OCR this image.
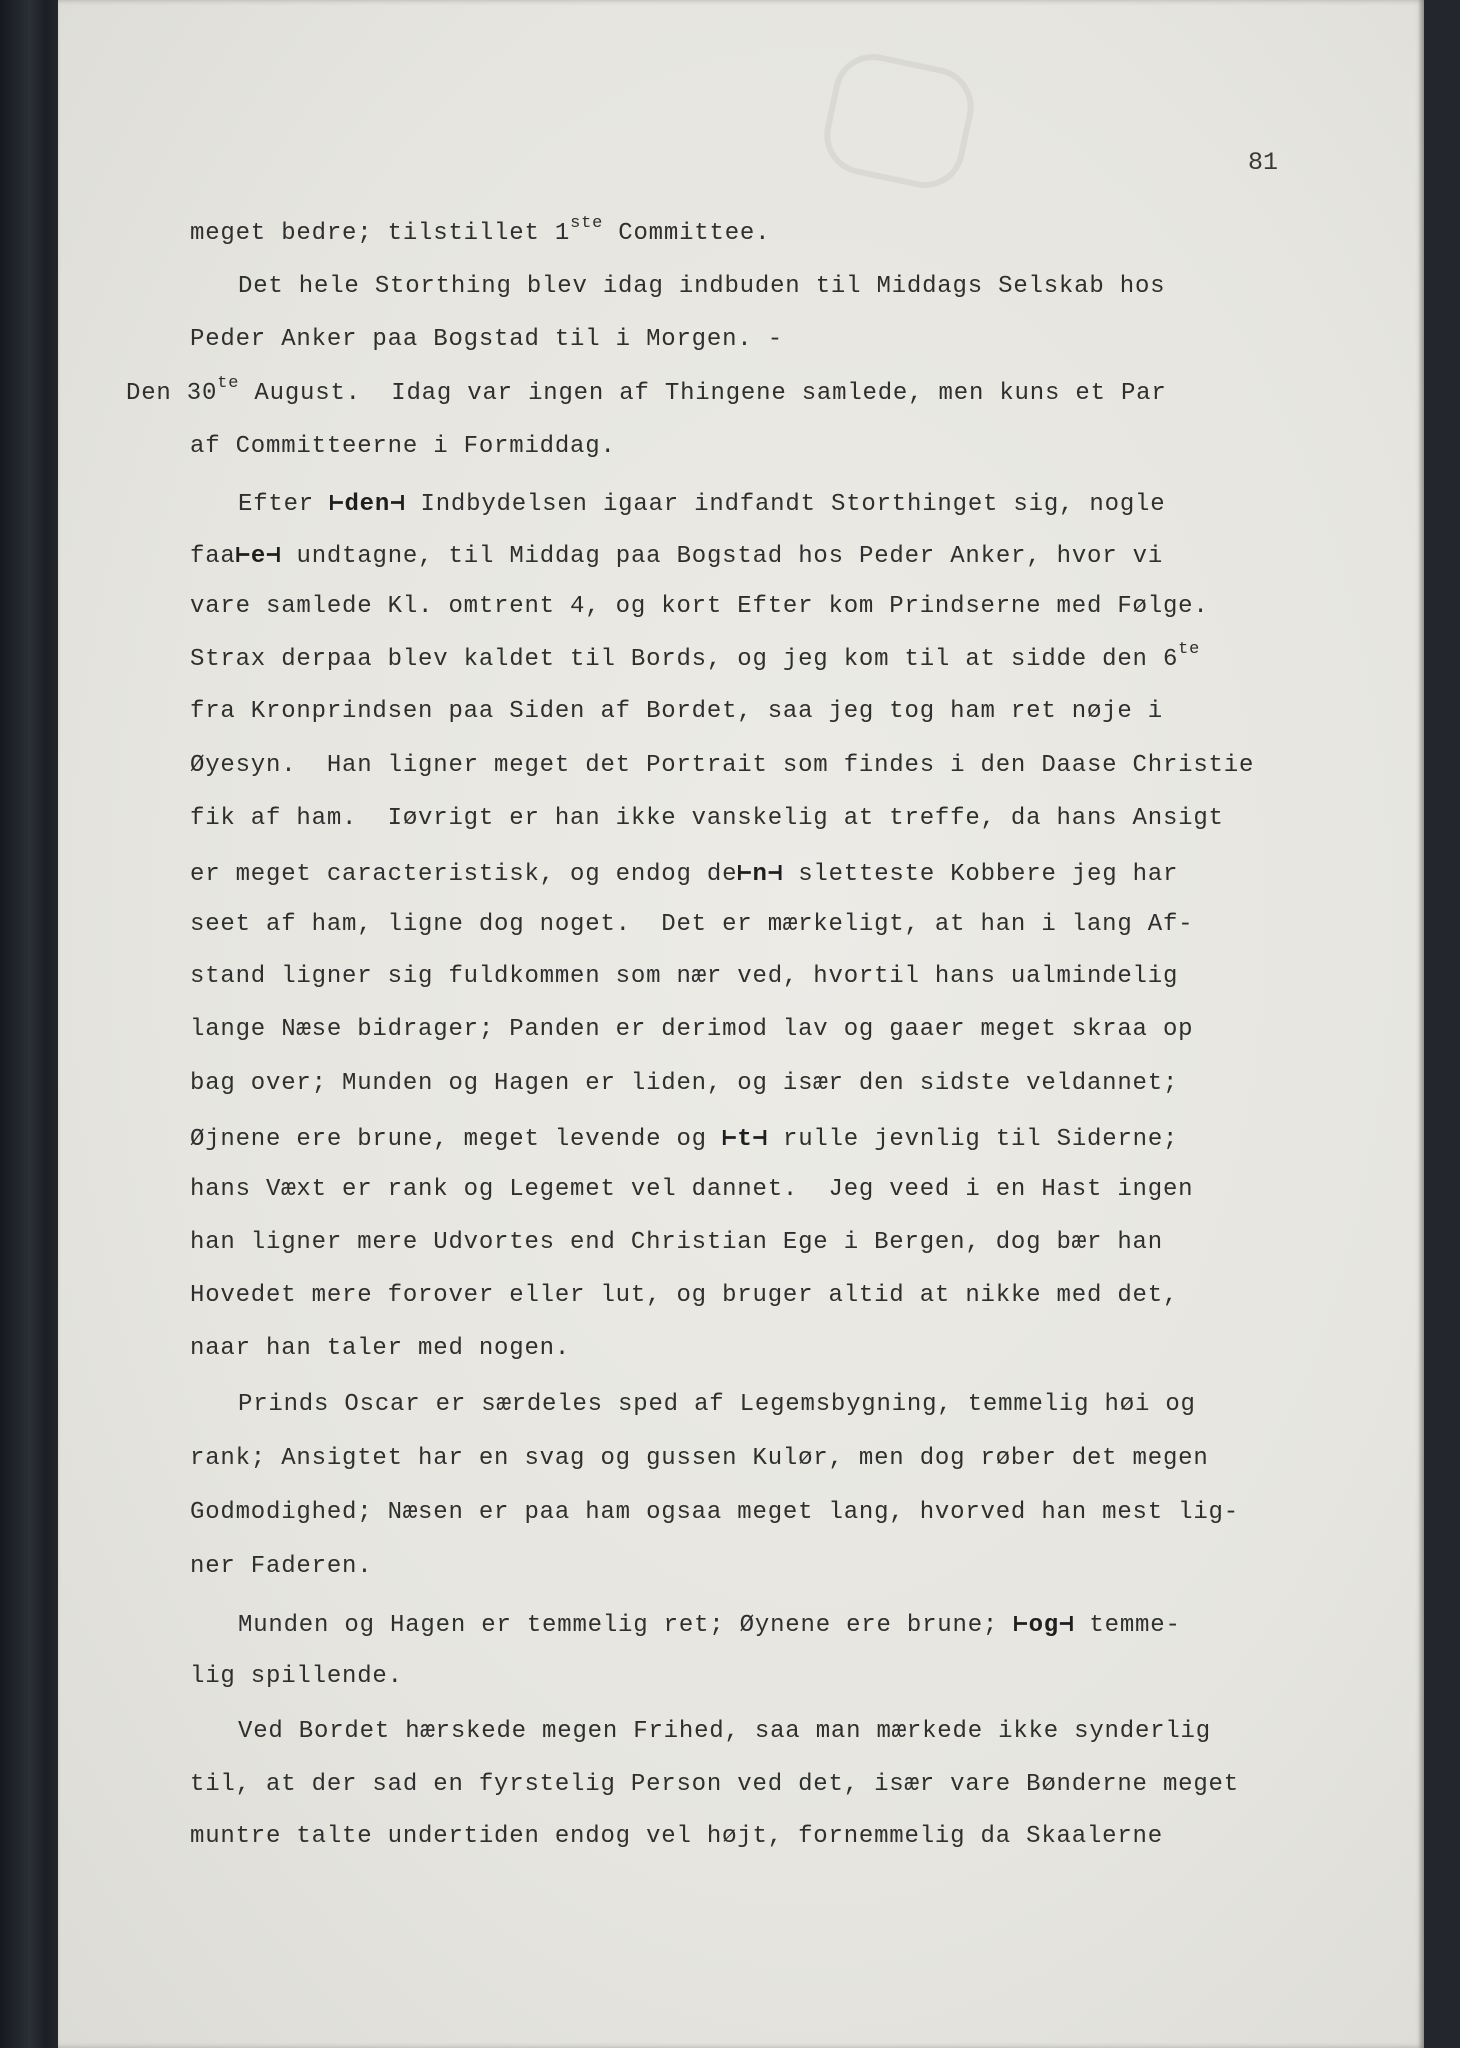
81
meget bedre; tilstillet 1ste Committee.
Det hele Storthing blev idag indbuden til Middags Selskab hos
Peder Anker paa Bogstad til i Morgen. -
Den $30^{te}$ August.  Idag var ingen af Thingene samlede, men kuns et Par
af Committeerne i Formiddag.
Efter ⊢den⊣ Indbydelsen igaar indfandt Storthinget sig, nogle
faa⊢e⊣ undtagne, til Middag paa Bogstad hos Peder Anker, hvor vi
vare samlede Kl. omtrent 4, og kort Efter kom Prindserne med Følge.
Strax derpaa blev kaldet til Bords, og jeg kom til at sidde den $6^{te}$
fra Kronprindsen paa Siden af Bordet, saa jeg tog ham ret nøje i
Øyesyn.  Han ligner meget det Portrait som findes i den Daase Christie
fik af ham.  Iøvrigt er han ikke vanskelig at treffe, da hans Ansigt
er meget caracteristisk, og endog de⊢n⊣ sletteste Kobbere jeg har
seet af ham, ligne dog noget.  Det er mærkeligt, at han i lang Af-
stand ligner sig fuldkommen som nær ved, hvortil hans ualmindelig
lange Næse bidrager; Panden er derimod lav og gaaer meget skraa op
bag over; Munden og Hagen er liden, og især den sidste veldannet;
Øjnene ere brune, meget levende og ⊢t⊣ rulle jevnlig til Siderne;
hans Væxt er rank og Legemet vel dannet.  Jeg veed i en Hast ingen
han ligner mere Udvortes end Christian Ege i Bergen, dog bær han
Hovedet mere forover eller lut, og bruger altid at nikke med det,
naar han taler med nogen.
Prinds Oscar er særdeles sped af Legemsbygning, temmelig høi og
rank; Ansigtet har en svag og gussen Kulør, men dog røber det megen
Godmodighed; Næsen er paa ham ogsaa meget lang, hvorved han mest lig-
ner Faderen.
Munden og Hagen er temmelig ret; Øynene ere brune; ⊢og⊣ temme-
lig spillende.
Ved Bordet hærskede megen Frihed, saa man mærkede ikke synderlig
til, at der sad en fyrstelig Person ved det, især vare Bønderne meget
muntre talte undertiden endog vel højt, fornemmelig da Skaalerne
